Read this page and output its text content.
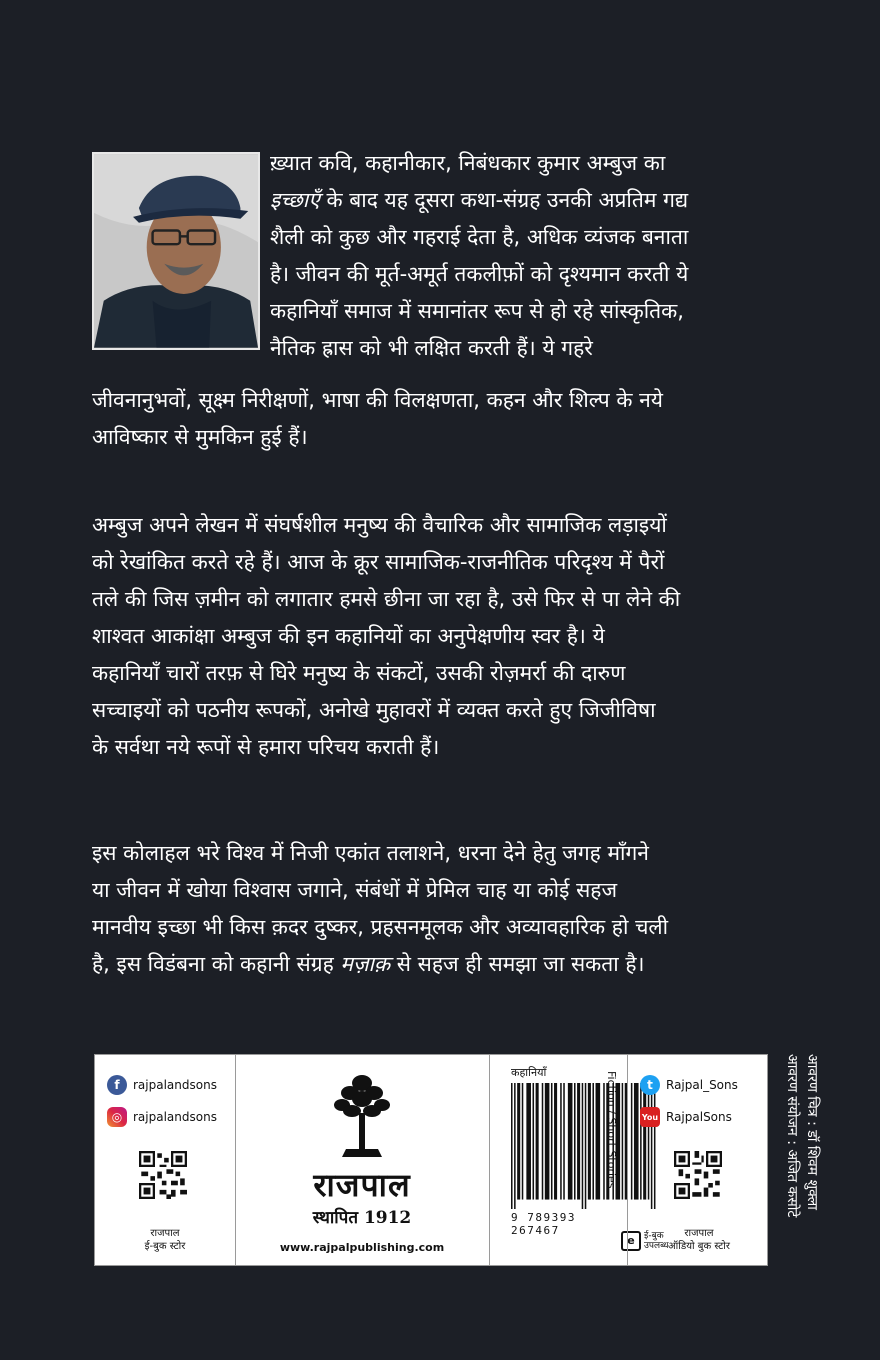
ख़्यात कवि, कहानीकार, निबंधकार कुमार अम्बुज का
इच्छाएँ के बाद यह दूसरा कथा-संग्रह उनकी अप्रतिम गद्य
शैली को कुछ और गहराई देता है, अधिक व्यंजक बनाता
है। जीवन की मूर्त-अमूर्त तकलीफ़ों को दृश्यमान करती ये
कहानियाँ समाज में समानांतर रूप से हो रहे सांस्कृतिक,
नैतिक ह्रास को भी लक्षित करती हैं। ये गहरे
जीवनानुभवों, सूक्ष्म निरीक्षणों, भाषा की विलक्षणता, कहन और शिल्प के नये
आविष्कार से मुमकिन हुई हैं।
अम्बुज अपने लेखन में संघर्षशील मनुष्य की वैचारिक और सामाजिक लड़ाइयों
को रेखांकित करते रहे हैं। आज के क्रूर सामाजिक-राजनीतिक परिदृश्य में पैरों
तले की जिस ज़मीन को लगातार हमसे छीना जा रहा है, उसे फिर से पा लेने की
शाश्वत आकांक्षा अम्बुज की इन कहानियों का अनुपेक्षणीय स्वर है। ये
कहानियाँ चारों तरफ़ से घिरे मनुष्य के संकटों, उसकी रोज़मर्रा की दारुण
सच्चाइयों को पठनीय रूपकों, अनोखे मुहावरों में व्यक्त करते हुए जिजीविषा
के सर्वथा नये रूपों से हमारा परिचय कराती हैं।
इस कोलाहल भरे विश्व में निजी एकांत तलाशने, धरना देने हेतु जगह माँगने
या जीवन में खोया विश्वास जगाने, संबंधों में प्रेमिल चाह या कोई सहज
मानवीय इच्छा भी किस क़दर दुष्कर, प्रहसनमूलक और अव्यावहारिक हो चली
है, इस विडंबना को कहानी संग्रह मज़ाक़ से सहज ही समझा जा सकता है।
f	rajpalandsons
◎ rajpalandsons
राजपाल
ई-बुक स्टोर
राजपाल
स्थापित 1912
www.rajpalpublishing.com
कहानियाँ
9 789393 267467
e	ई-बुक
उपलब्ध
Fiction / Short Stories	t	Rajpal_Sons
You RajpalSons
राजपाल
ऑडियो बुक स्टोर
आवरण चित्र : डॉ शिवम शुक्ला
आवरण संयोजन : अजित कसोटे
